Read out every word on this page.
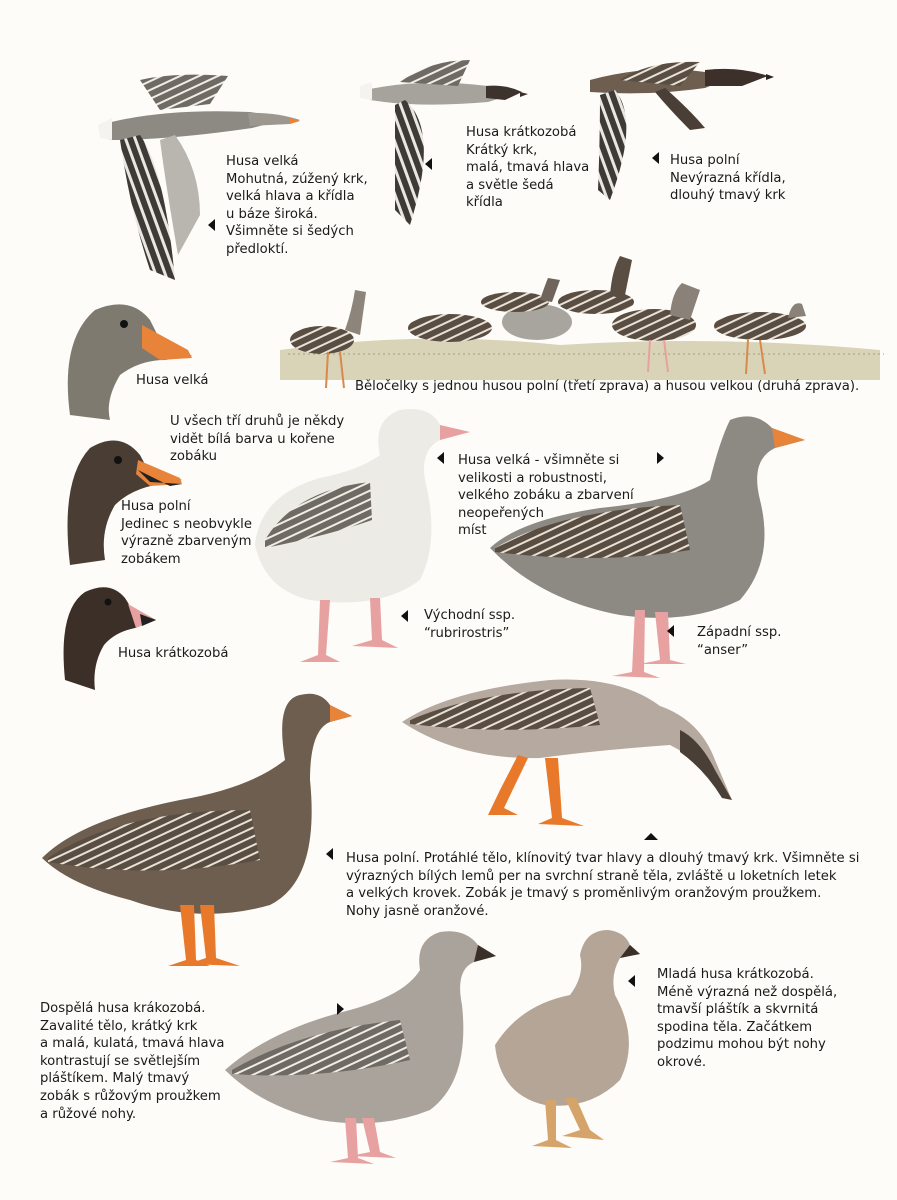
Husa velká
Mohutná, zúžený krk,
velká hlava a křídla
u báze široká.
Všimněte si šedých
předloktí.
Husa krátkozobá
Krátký krk,
malá, tmavá hlava
a světle šedá
křídla
Husa polní
Nevýrazná křídla,
dlouhý tmavý krk
Husa velká	Běločelky s jednou husou polní (třetí zprava) a husou velkou (druhá zprava).
U všech tří druhů je někdy
vidět bílá barva u kořene
zobáku
Husa polní
Jedinec s neobvykle
výrazně zbarveným
zobákem
Husa velká - všimněte si
velikosti a robustnosti,
velkého zobáku a zbarvení
neopeřených
míst
Husa krátkozobá
Východní ssp.
“rubrirostris”	Západní ssp.
“anser”
Husa polní. Protáhlé tělo, klínovitý tvar hlavy a dlouhý tmavý krk. Všimněte si
výrazných bílých lemů per na svrchní straně těla, zvláště u loketních letek
a velkých krovek. Zobák je tmavý s proměnlivým oranžovým proužkem.
Nohy jasně oranžové.
Dospělá husa krákozobá.
Zavalité tělo, krátký krk
a malá, kulatá, tmavá hlava
kontrastují se světlejším
pláštíkem. Malý tmavý
zobák s růžovým proužkem
a růžové nohy.
Mladá husa krátkozobá.
Méně výrazná než dospělá,
tmavší pláštík a skvrnitá
spodina těla. Začátkem
podzimu mohou být nohy
okrové.
